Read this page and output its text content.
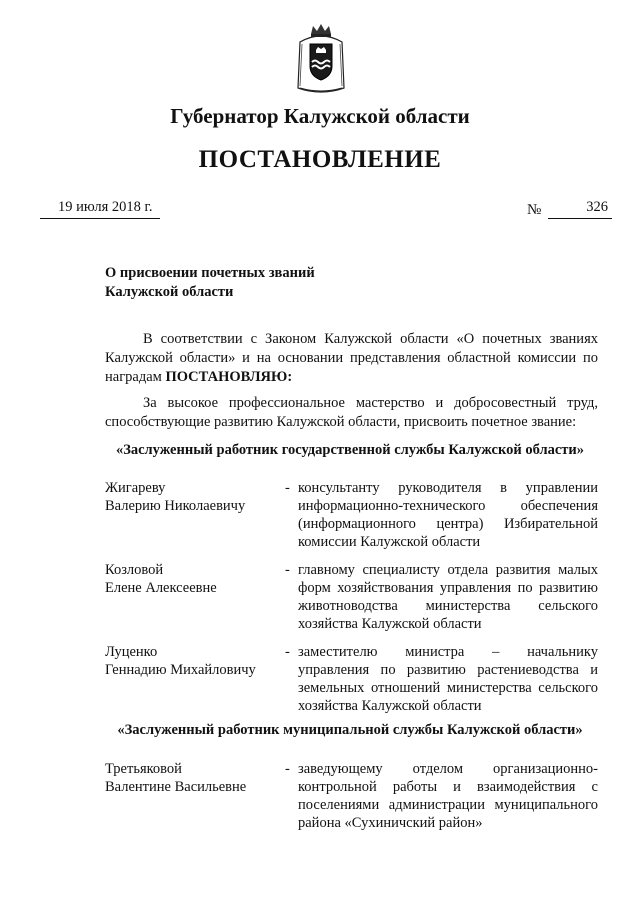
Губернатор Калужской области
ПОСТАНОВЛЕНИЕ
19 июля 2018 г.	№	326
О присвоении почетных званий
Калужской области
В соответствии с Законом Калужской области «О почетных званиях Калужской области» и на основании представления областной комиссии по наградам ПОСТАНОВЛЯЮ:
За высокое профессиональное мастерство и добросовестный труд, способствующие развитию Калужской области, присвоить почетное звание:
«Заслуженный работник государственной службы Калужской области»
Жигареву
Валерию Николаевичу
- консультанту руководителя в управлении информационно-технического обеспечения (информационного центра) Избирательной комиссии Калужской области
Козловой
Елене Алексеевне
- главному специалисту отдела развития малых форм хозяйствования управления по развитию животноводства министерства сельского хозяйства Калужской области
Луценко
Геннадию Михайловичу
- заместителю министра – начальнику управления по развитию растениеводства и земельных отношений министерства сельского хозяйства Калужской области
«Заслуженный работник муниципальной службы Калужской области»
Третьяковой
Валентине Васильевне
- заведующему отделом организационно-контрольной работы и взаимодействия с поселениями администрации муниципального района «Сухиничский район»
